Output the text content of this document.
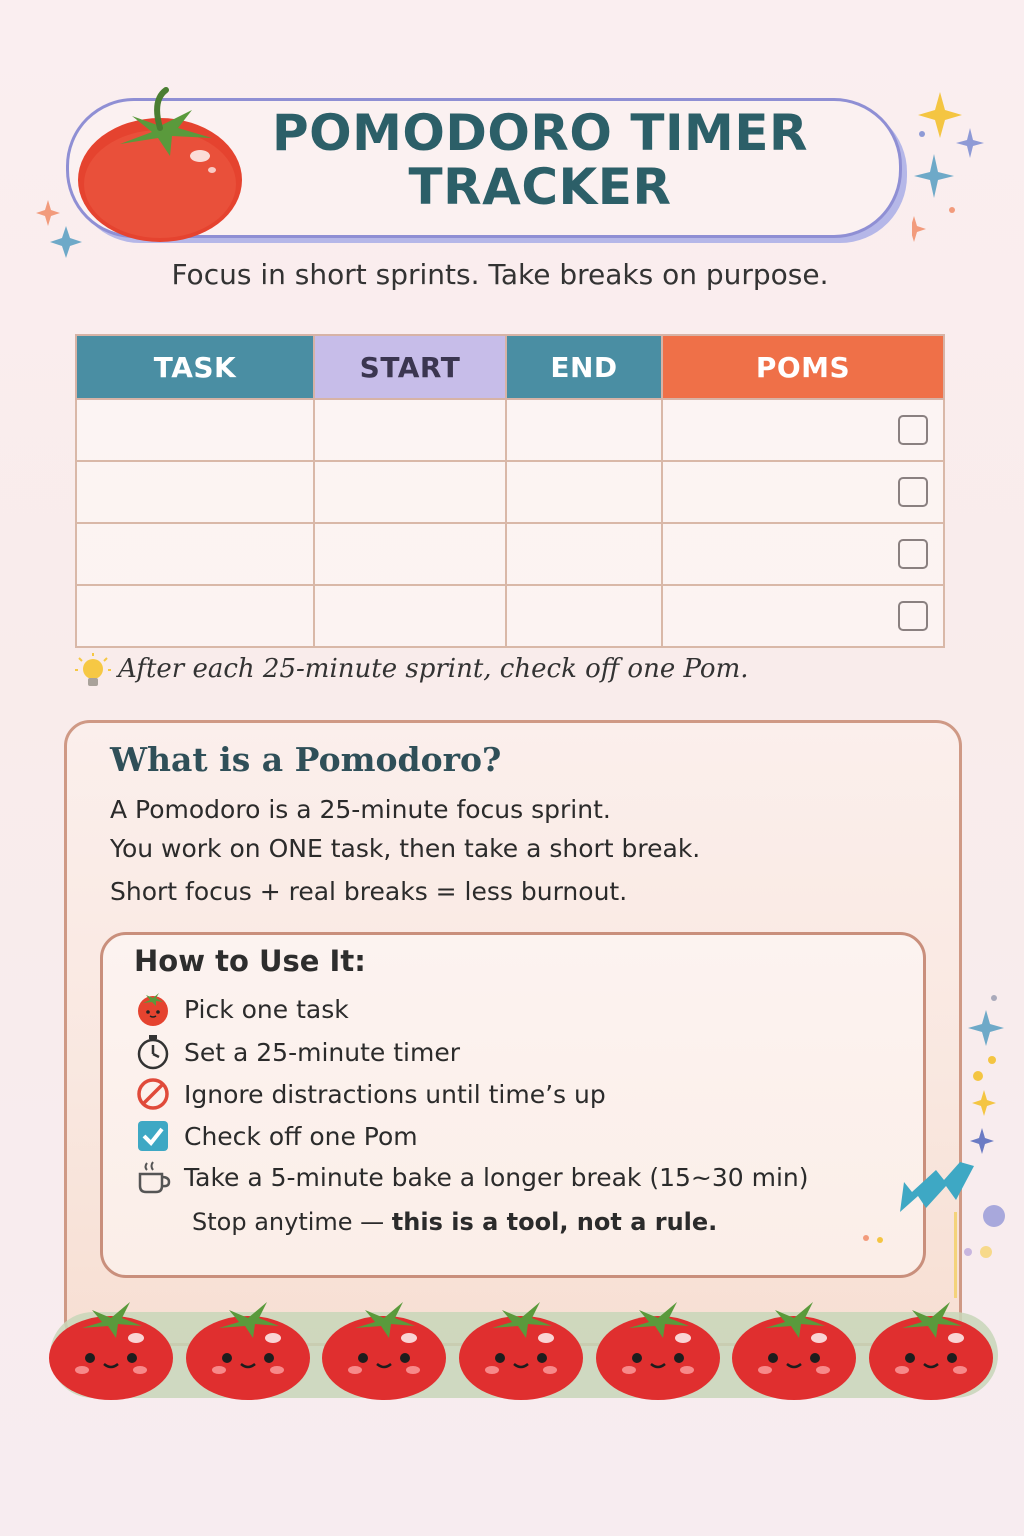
POMODORO TIMER
TRACKER
Focus in short sprints. Take breaks on purpose.
TASK	START	END	POMS

After each 25-minute sprint, check off one Pom.
What is a Pomodoro?
A Pomodoro is a 25-minute focus sprint.
You work on ONE task, then take a short break.
Short focus + real breaks = less burnout.
How to Use It:
Pick one task
Set a 25-minute timer
Ignore distractions until time’s up
Check off one Pom
Take a 5-minute bake a longer break (15~30 min)
Stop anytime — this is a tool, not a rule.
